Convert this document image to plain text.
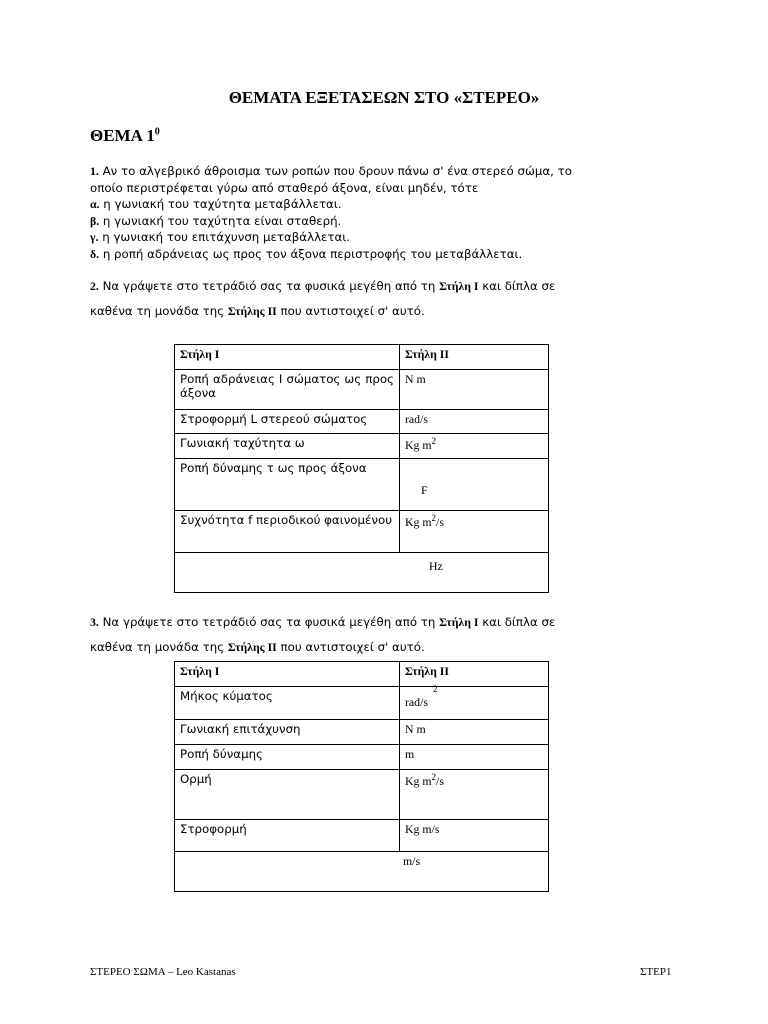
ΘΕΜΑΤΑ ΕΞΕΤΑΣΕΩΝ ΣΤΟ «ΣΤΕΡΕΟ»
ΘΕΜΑ $1^0$
1. Αν το αλγεβρικό άθροισμα των ροπών που δρουν πάνω σ' ένα στερεό σώμα, το
οποίο περιστρέφεται γύρω από σταθερό άξονα, είναι μηδέν, τότε
α. η γωνιακή του ταχύτητα μεταβάλλεται.
β. η γωνιακή του ταχύτητα είναι σταθερή.
γ. η γωνιακή του επιτάχυνση μεταβάλλεται.
δ. η ροπή αδράνειας ως προς τον άξονα περιστροφής του μεταβάλλεται.
2. Να γράψετε στο τετράδιό σας τα φυσικά μεγέθη από τη Στήλη Ι και δίπλα σε
καθένα τη μονάδα της Στήλης ΙΙ που αντιστοιχεί σ' αυτό.
Στήλη Ι	Στήλη ΙΙ
Ροπή αδράνειας Ι σώματος ως προς άξονα	N m
Στροφορμή L στερεού σώματος	rad/s
Γωνιακή ταχύτητα ω	Kg $m^2$
Ροπή δύναμης τ ως προς άξονα	F

Συχνότητα f περιοδικού φαινομένου	Kg $m^2/s$
Hz	
3. Να γράψετε στο τετράδιό σας τα φυσικά μεγέθη από τη Στήλη Ι και δίπλα σε
καθένα τη μονάδα της Στήλης ΙΙ που αντιστοιχεί σ' αυτό.
Στήλη Ι	Στήλη ΙΙ
Μήκος κύματος	rad/s
2

Γωνιακή επιτάχυνση	N m
Ροπή δύναμης	m
Ορμή	Kg $m^2/s$
Στροφορμή	Kg m/s
m/s	
ΣΤΕΡΕΟ ΣΩΜΑ – Leo Kastanas	ΣΤΕΡ1
